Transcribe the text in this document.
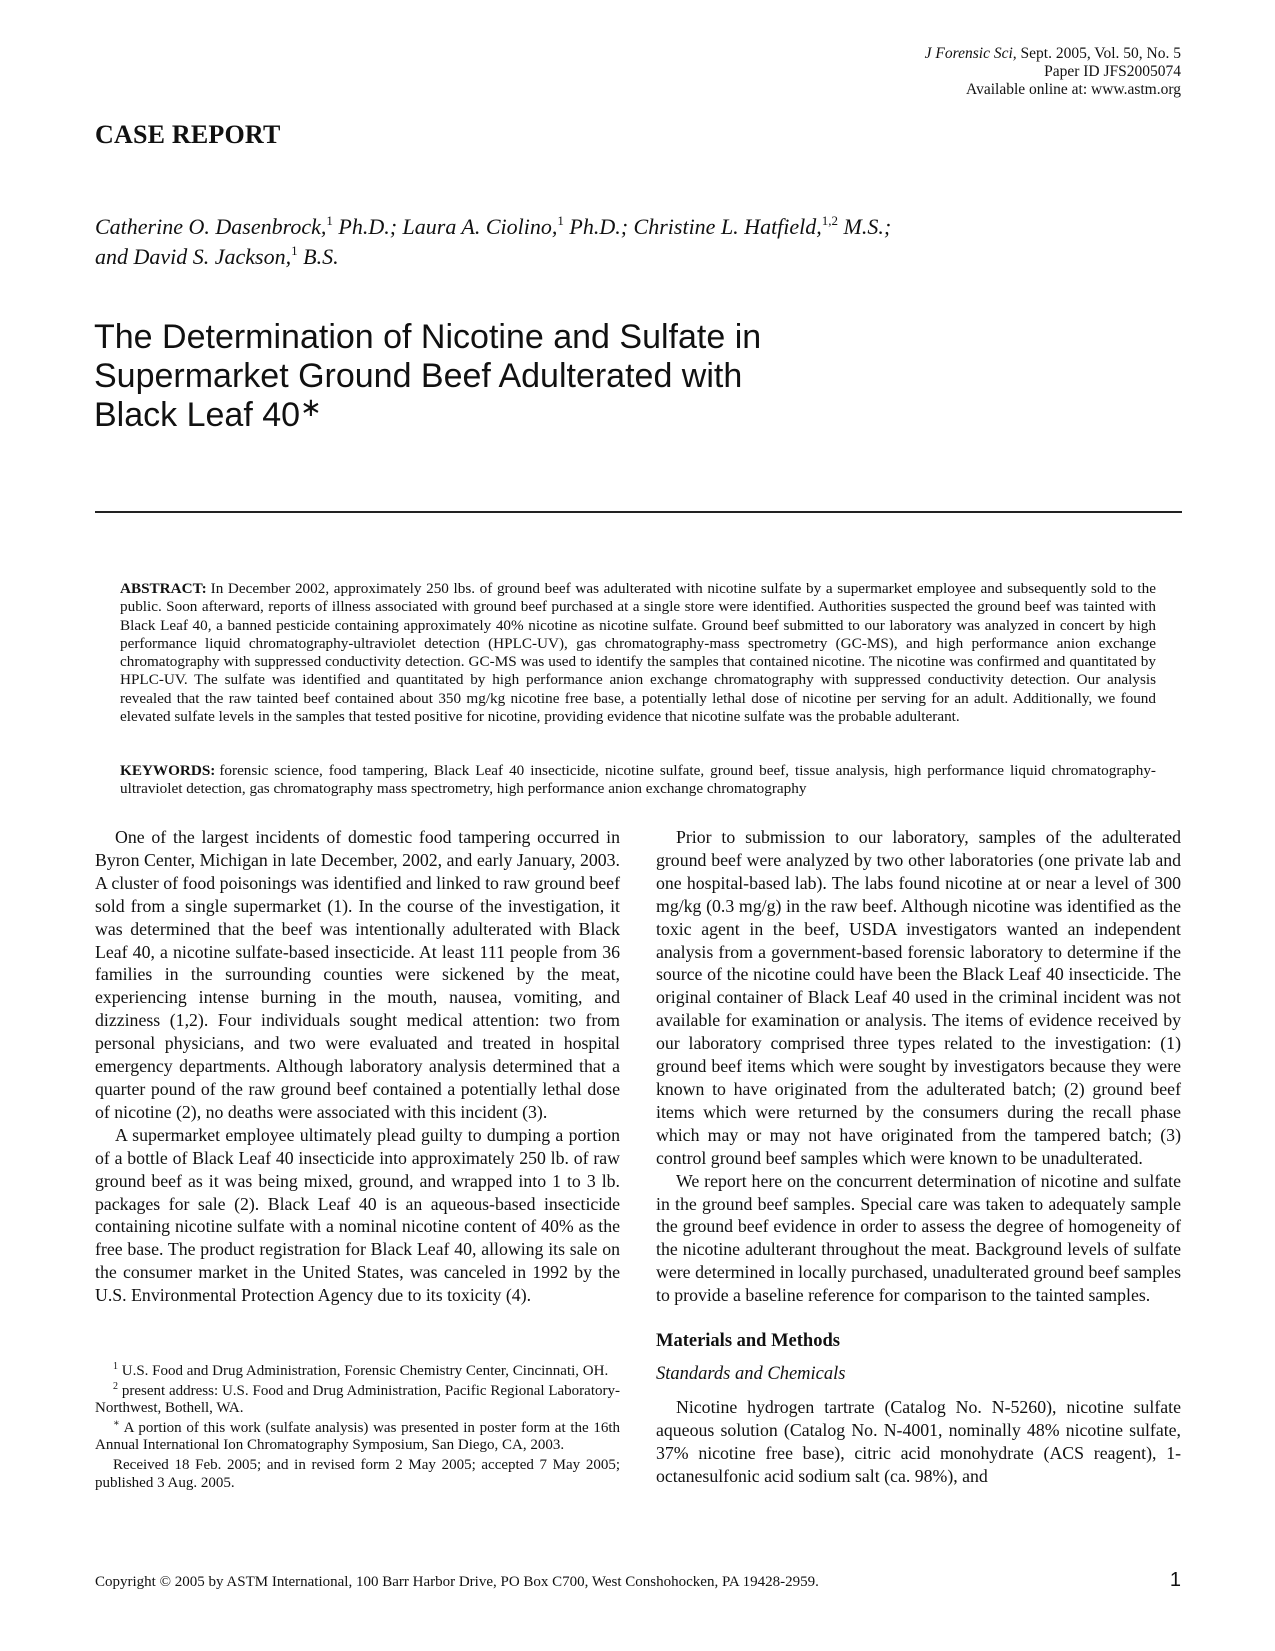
J Forensic Sci, Sept. 2005, Vol. 50, No. 5
Paper ID JFS2005074
Available online at: www.astm.org
CASE REPORT
Catherine O. Dasenbrock,$^1$ Ph.D.; Laura A. Ciolino,$^1$ Ph.D.; Christine L. Hatfield,$^{1,2}$ M.S.;
and David S. Jackson,$^1$ B.S.
The Determination of Nicotine and Sulfate in
Supermarket Ground Beef Adulterated with
Black Leaf 40∗
ABSTRACT: In December 2002, approximately 250 lbs. of ground beef was adulterated with nicotine sulfate by a supermarket employee and subsequently sold to the public. Soon afterward, reports of illness associated with ground beef purchased at a single store were identified. Authorities suspected the ground beef was tainted with Black Leaf 40, a banned pesticide containing approximately 40% nicotine as nicotine sulfate. Ground beef submitted to our laboratory was analyzed in concert by high performance liquid chromatography-ultraviolet detection (HPLC-UV), gas chromatography-mass spectrometry (GC-MS), and high performance anion exchange chromatography with suppressed conductivity detection. GC-MS was used to identify the samples that contained nicotine. The nicotine was confirmed and quantitated by HPLC-UV. The sulfate was identified and quantitated by high performance anion exchange chromatography with suppressed conductivity detection. Our analysis revealed that the raw tainted beef contained about 350 mg/kg nicotine free base, a potentially lethal dose of nicotine per serving for an adult. Additionally, we found elevated sulfate levels in the samples that tested positive for nicotine, providing evidence that nicotine sulfate was the probable adulterant.
KEYWORDS: forensic science, food tampering, Black Leaf 40 insecticide, nicotine sulfate, ground beef, tissue analysis, high performance liquid chromatography-ultraviolet detection, gas chromatography mass spectrometry, high performance anion exchange chromatography

One of the largest incidents of domestic food tampering occurred in Byron Center, Michigan in late December, 2002, and early January, 2003. A cluster of food poisonings was identified and linked to raw ground beef sold from a single supermarket (1). In the course of the investigation, it was determined that the beef was intentionally adulterated with Black Leaf 40, a nicotine sulfate-based insecticide. At least 111 people from 36 families in the surrounding counties were sickened by the meat, experiencing intense burning in the mouth, nausea, vomiting, and dizziness (1,2). Four individuals sought medical attention: two from personal physicians, and two were evaluated and treated in hospital emergency departments. Although laboratory analysis determined that a quarter pound of the raw ground beef contained a potentially lethal dose of nicotine (2), no deaths were associated with this incident (3).

A supermarket employee ultimately plead guilty to dumping a portion of a bottle of Black Leaf 40 insecticide into approximately 250 lb. of raw ground beef as it was being mixed, ground, and wrapped into 1 to 3 lb. packages for sale (2). Black Leaf 40 is an aqueous-based insecticide containing nicotine sulfate with a nominal nicotine content of 40% as the free base. The product registration for Black Leaf 40, allowing its sale on the consumer market in the United States, was canceled in 1992 by the U.S. Environmental Protection Agency due to its toxicity (4).

$^1$ U.S. Food and Drug Administration, Forensic Chemistry Center, Cincinnati, OH.

$^2$ present address: U.S. Food and Drug Administration, Pacific Regional Laboratory-Northwest, Bothell, WA.

∗ A portion of this work (sulfate analysis) was presented in poster form at the 16th Annual International Ion Chromatography Symposium, San Diego, CA, 2003.

Received 18 Feb. 2005; and in revised form 2 May 2005; accepted 7 May 2005; published 3 Aug. 2005.

Prior to submission to our laboratory, samples of the adulterated ground beef were analyzed by two other laboratories (one private lab and one hospital-based lab). The labs found nicotine at or near a level of 300 mg/kg (0.3 mg/g) in the raw beef. Although nicotine was identified as the toxic agent in the beef, USDA investigators wanted an independent analysis from a government-based forensic laboratory to determine if the source of the nicotine could have been the Black Leaf 40 insecticide. The original container of Black Leaf 40 used in the criminal incident was not available for examination or analysis. The items of evidence received by our laboratory comprised three types related to the investigation: (1) ground beef items which were sought by investigators because they were known to have originated from the adulterated batch; (2) ground beef items which were returned by the consumers during the recall phase which may or may not have originated from the tampered batch; (3) control ground beef samples which were known to be unadulterated.

We report here on the concurrent determination of nicotine and sulfate in the ground beef samples. Special care was taken to adequately sample the ground beef evidence in order to assess the degree of homogeneity of the nicotine adulterant throughout the meat. Background levels of sulfate were determined in locally purchased, unadulterated ground beef samples to provide a baseline reference for comparison to the tainted samples.

Materials and Methods
Standards and Chemicals

Nicotine hydrogen tartrate (Catalog No. N-5260), nicotine sulfate aqueous solution (Catalog No. N-4001, nominally 48% nicotine sulfate, 37% nicotine free base), citric acid monohydrate (ACS reagent), 1-octanesulfonic acid sodium salt (ca. 98%), and

Copyright © 2005 by ASTM International, 100 Barr Harbor Drive, PO Box C700, West Conshohocken, PA 19428-2959.	1
